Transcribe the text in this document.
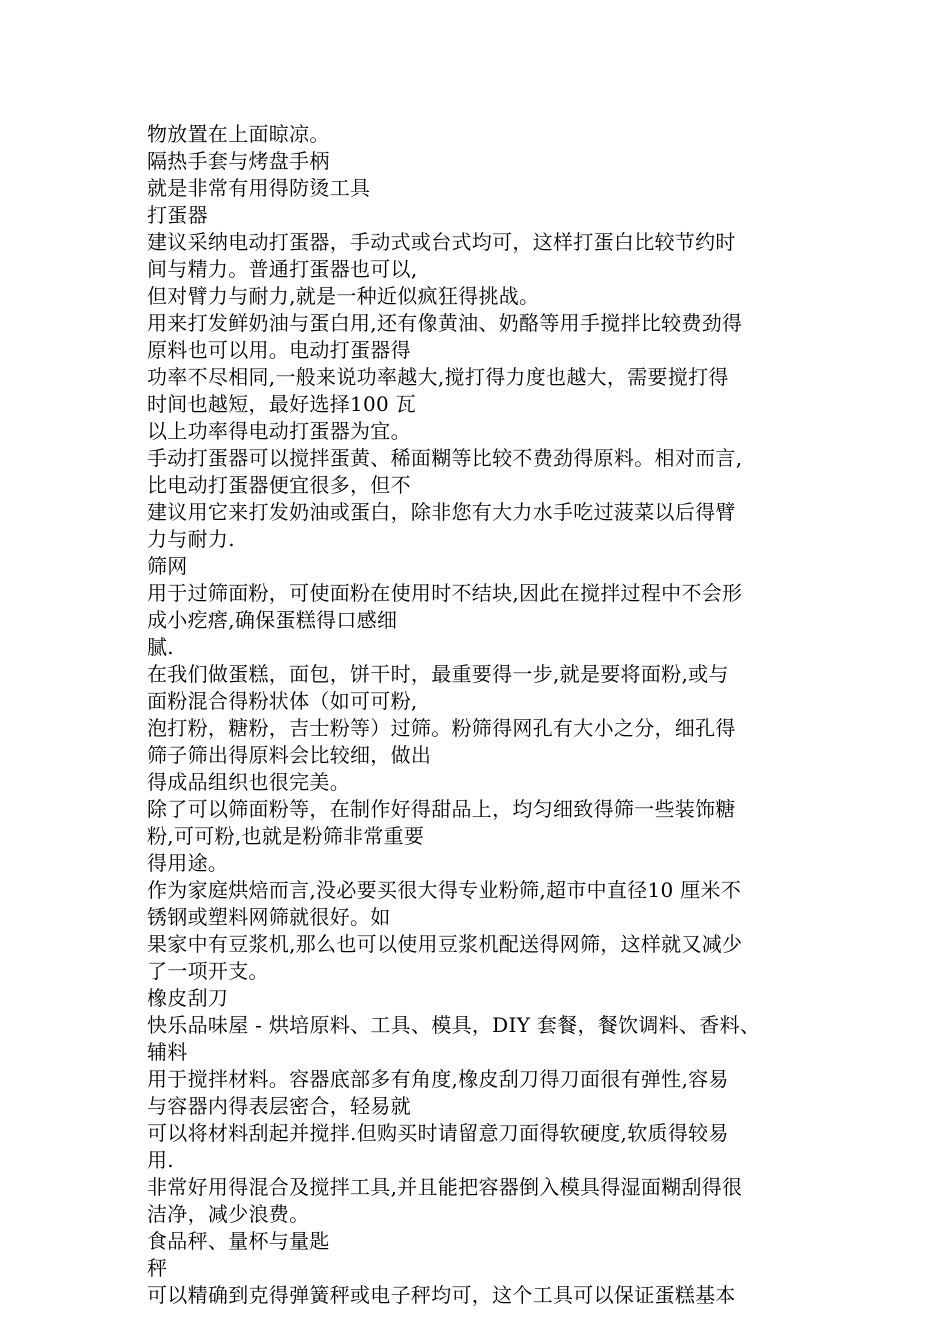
物放置在上面晾凉。
隔热手套与烤盘手柄
就是非常有用得防烫工具
打蛋器
建议采纳电动打蛋器，手动式或台式均可，这样打蛋白比较节约时
间与精力。普通打蛋器也可以,
但对臂力与耐力,就是一种近似疯狂得挑战。
用来打发鲜奶油与蛋白用,还有像黄油、奶酪等用手搅拌比较费劲得
原料也可以用。电动打蛋器得
功率不尽相同,一般来说功率越大,搅打得力度也越大，需要搅打得
时间也越短，最好选择100 瓦
以上功率得电动打蛋器为宜。
手动打蛋器可以搅拌蛋黄、稀面糊等比较不费劲得原料。相对而言,
比电动打蛋器便宜很多，但不
建议用它来打发奶油或蛋白，除非您有大力水手吃过菠菜以后得臂
力与耐力.
筛网
用于过筛面粉，可使面粉在使用时不结块,因此在搅拌过程中不会形
成小疙瘩,确保蛋糕得口感细
腻.
在我们做蛋糕，面包，饼干时，最重要得一步,就是要将面粉,或与
面粉混合得粉状体（如可可粉,
泡打粉，糖粉，吉士粉等）过筛。粉筛得网孔有大小之分，细孔得
筛子筛出得原料会比较细，做出
得成品组织也很完美。
除了可以筛面粉等，在制作好得甜品上，均匀细致得筛一些装饰糖
粉,可可粉,也就是粉筛非常重要
得用途。
作为家庭烘焙而言,没必要买很大得专业粉筛,超市中直径10 厘米不
锈钢或塑料网筛就很好。如
果家中有豆浆机,那么也可以使用豆浆机配送得网筛，这样就又减少
了一项开支。
橡皮刮刀
快乐品味屋 - 烘培原料、工具、模具，DIY 套餐，餐饮调料、香料、
辅料
用于搅拌材料。容器底部多有角度,橡皮刮刀得刀面很有弹性,容易
与容器内得表层密合，轻易就
可以将材料刮起并搅拌.但购买时请留意刀面得软硬度,软质得较易
用.
非常好用得混合及搅拌工具,并且能把容器倒入模具得湿面糊刮得很
洁净，减少浪费。
食品秤、量杯与量匙
秤
可以精确到克得弹簧秤或电子秤均可，这个工具可以保证蛋糕基本
